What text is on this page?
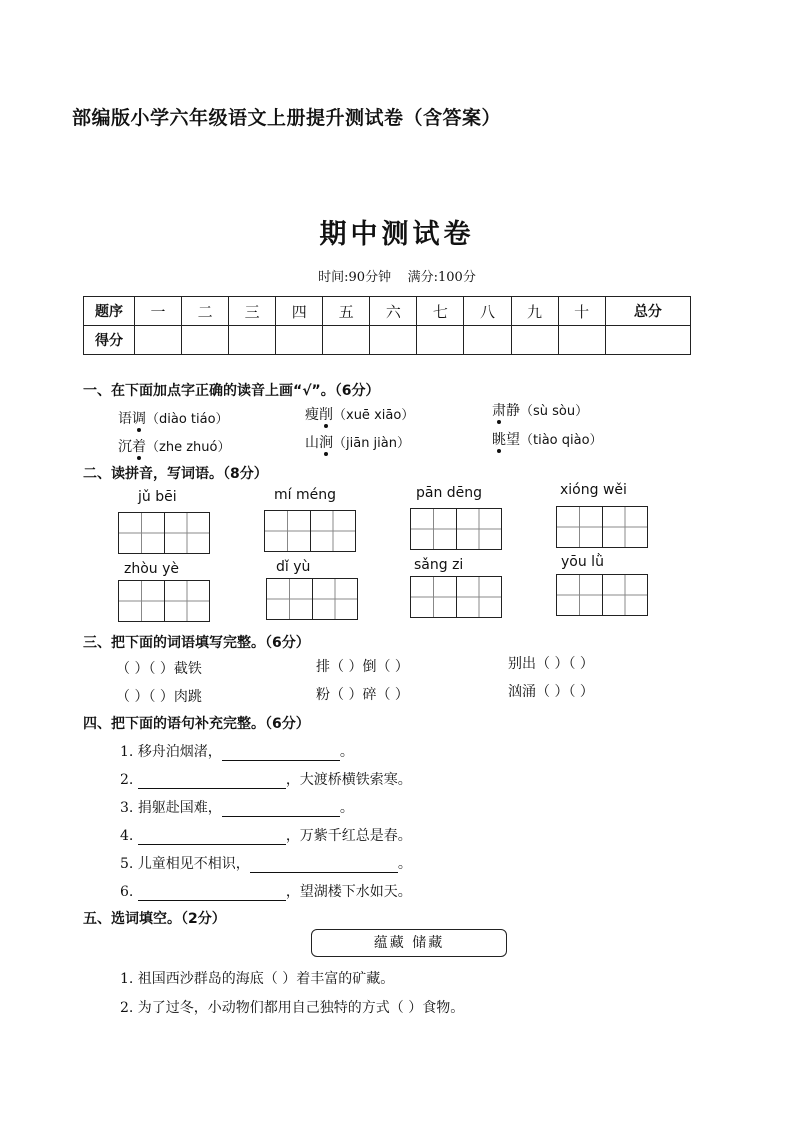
部编版小学六年级语文上册提升测试卷（含答案）
期中测试卷
时间:90分钟 满分:100分
题序	一	二	三	四	五	六	七	八	九	十	总分
得分											
一、在下面加点字正确的读音上画“√”。（6分）
语调（diào tiáo）	瘦削（xuē xiāo）	肃静（sù sòu）
沉着（zhe zhuó）	山涧（jiān jiàn）	眺望（tiào qiào）
二、读拼音，写词语。（8分）
jǔ bēi	mí méng	pān dēng	xióng wěi
zhòu yè	dǐ yù	sǎng zi	yōu lǜ
三、把下面的词语填写完整。（6分）
（ ）（ ）截铁	排（ ）倒（ ）	别出（ ）（ ）
（ ）（ ）肉跳	粉（ ）碎（ ）	汹涌（ ）（ ）
四、把下面的语句补充完整。（6分）
1. 移舟泊烟渚，	。
2.	，大渡桥横铁索寒。
3. 捐躯赴国难，	。
4.	，万紫千红总是春。
5. 儿童相见不相识，	。
6.	，望湖楼下水如天。
五、选词填空。（2分）
蕴藏 储藏
1. 祖国西沙群岛的海底（ ）着丰富的矿藏。
2. 为了过冬，小动物们都用自己独特的方式（ ）食物。
